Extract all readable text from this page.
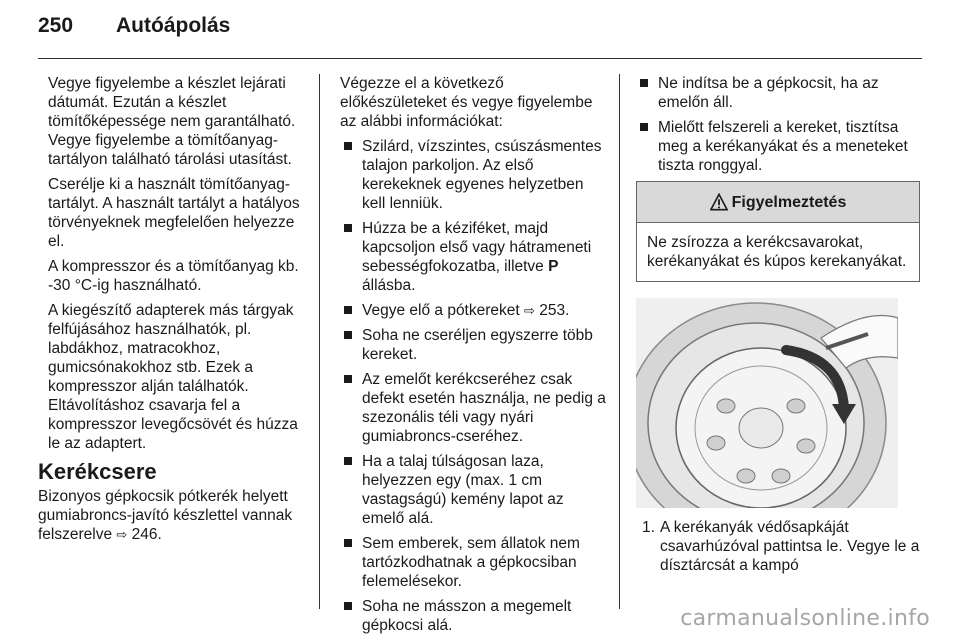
250 Autóápolás

Vegye figyelembe a készlet lejárati dátumát. Ezután a készlet tömítőképessége nem garantálható. Vegye figyelembe a tömítőanyag-tartályon található tárolási utasítást.

Cserélje ki a használt tömítőanyag-tartályt. A használt tartályt a hatályos törvényeknek megfelelően helyezze el.

A kompresszor és a tömítőanyag kb. -30 °C-ig használható.

A kiegészítő adapterek más tárgyak felfújásához használhatók, pl. labdákhoz, matracokhoz, gumicsónakokhoz stb. Ezek a kompresszor alján találhatók. Eltávolításhoz csavarja fel a kompresszor levegőcsövét és húzza le az adaptert.

Kerékcsere

Bizonyos gépkocsik pótkerék helyett gumiabroncs-javító készlettel vannak felszerelve ⇨ 246.

Végezze el a következő előkészületeket és vegye figyelembe az alábbi információkat:

Szilárd, vízszintes, csúszásmentes talajon parkoljon. Az első kerekeknek egyenes helyzetben kell lenniük.
Húzza be a kéziféket, majd kapcsoljon első vagy hátrameneti sebességfokozatba, illetve P állásba.
Vegye elő a pótkereket ⇨ 253.
Soha ne cseréljen egyszerre több kereket.
Az emelőt kerékcseréhez csak defekt esetén használja, ne pedig a szezonális téli vagy nyári gumiabroncs-cseréhez.
Ha a talaj túlságosan laza, helyezzen egy (max. 1 cm vastagságú) kemény lapot az emelő alá.
Sem emberek, sem állatok nem tartózkodhatnak a gépkocsiban felemelésekor.
Soha ne másszon a megemelt gépkocsi alá.
Ne indítsa be a gépkocsit, ha az emelőn áll.
Mielőtt felszereli a kereket, tisztítsa meg a kerékanyákat és a meneteket tiszta ronggyal.
Figyelmeztetés
Ne zsírozza a kerékcsavarokat, kerékanyákat és kúpos kerekanyákat.
1. A kerékanyák védősapkáját csavarhúzóval pattintsa le. Vegye le a dísztárcsát a kampó
carmanualsonline.info
